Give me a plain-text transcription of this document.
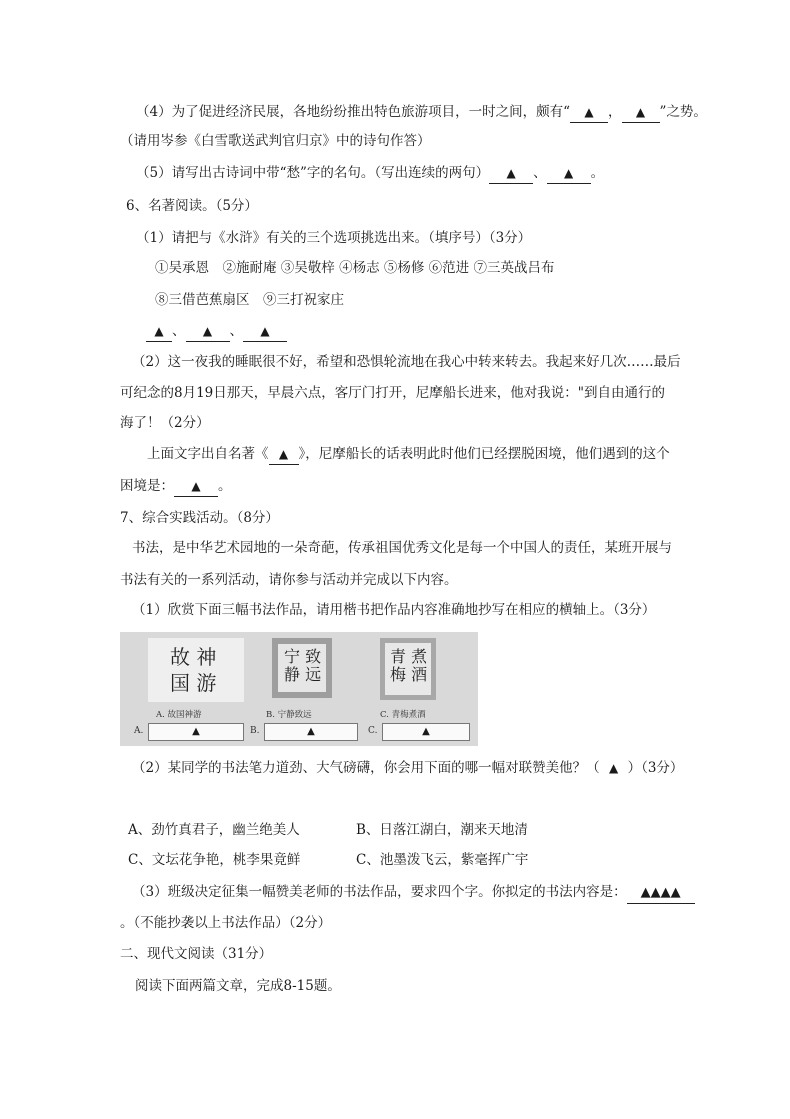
（4）为了促进经济民展，各地纷纷推出特色旅游项目，一时之间，颇有“ ▲ ， ▲ ”之势。
（请用岑参《白雪歌送武判官归京》中的诗句作答）
（5）请写出古诗词中带“愁”字的名句。（写出连续的两句） ▲ 、 ▲ 。
6、名著阅读。（5分）
（1）请把与《水浒》有关的三个选项挑选出来。（填序号）（3分）
①吴承恩　②施耐庵 ③吴敬梓 ④杨志 ⑤杨修 ⑥范进 ⑦三英战吕布
⑧三借芭蕉扇区　⑨三打祝家庄
▲ 、 ▲ 、 ▲
（2）这一夜我的睡眠很不好，希望和恐惧轮流地在我心中转来转去。我起来好几次……最后
可纪念的8月19日那天，早晨六点，客厅门打开，尼摩船长进来，他对我说："到自由通行的
海了！（2分）
上面文字出自名著《 ▲ 》，尼摩船长的话表明此时他们已经摆脱困境，他们遇到的这个
困境是： ▲ 。
7、综合实践活动。（8分）
书法，是中华艺术园地的一朵奇葩，传承祖国优秀文化是每一个中国人的责任，某班开展与
书法有关的一系列活动，请你参与活动并完成以下内容。
（1）欣赏下面三幅书法作品，请用楷书把作品内容准确地抄写在相应的横轴上。（3分）
故 神
国 游
A. 故国神游
宁 致
静 远
B. 宁静致远
青 煮
梅 酒
C. 青梅煮酒
A.	▲	B.	▲	C.	▲
（2）某同学的书法笔力道劲、大气磅礴，你会用下面的哪一幅对联赞美他？（ ▲ ）（3分）
A、劲竹真君子，幽兰绝美人	B、日落江湖白，潮来天地清
C、文坛花争艳，桃李果竟鲜	C、池墨泼飞云，紫毫挥广宇
（3）班级决定征集一幅赞美老师的书法作品，要求四个字。你拟定的书法内容是： ▲▲▲▲
。（不能抄袭以上书法作品）（2分）
二、现代文阅读（31分）
阅读下面两篇文章，完成8-15题。
